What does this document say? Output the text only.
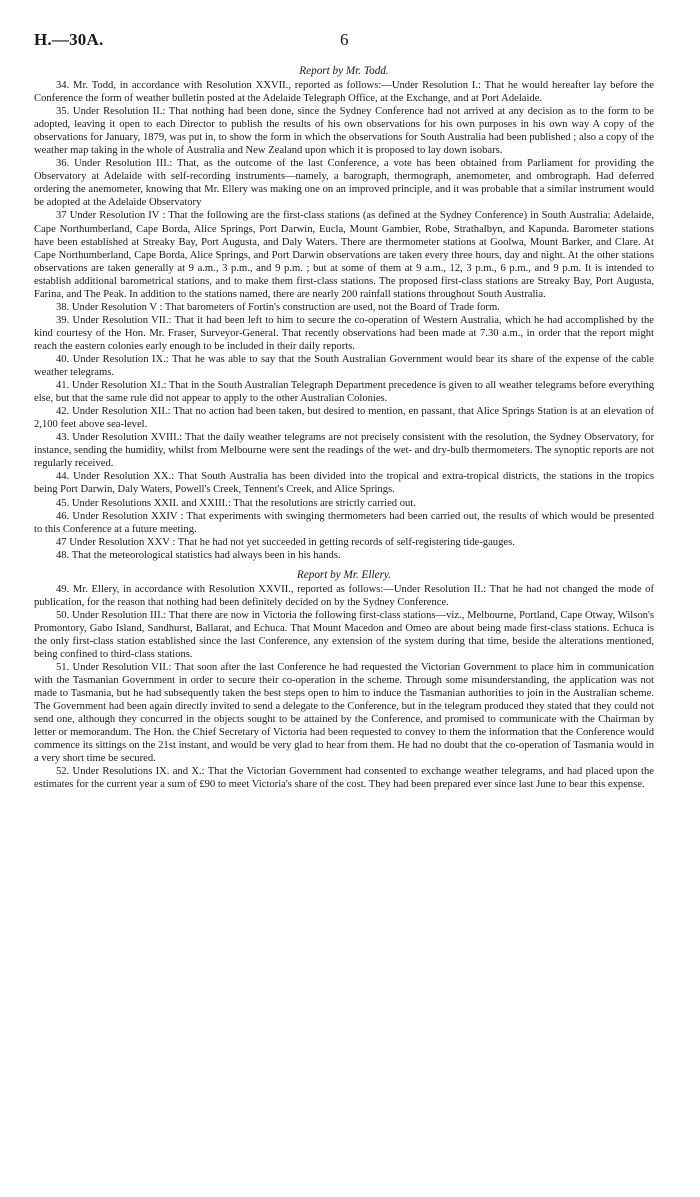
H.—30A.	6
Report by Mr. Todd.

34. Mr. Todd, in accordance with Resolution XXVII., reported as follows:—Under Resolution I.: That he would hereafter lay before the Conference the form of weather bulletin posted at the Adelaide Telegraph Office, at the Exchange, and at Port Adelaide.

35. Under Resolution II.: That nothing had been done, since the Sydney Conference had not arrived at any decision as to the form to be adopted, leaving it open to each Director to publish the results of his own observations for his own purposes in his own way A copy of the observations for January, 1879, was put in, to show the form in which the observations for South Australia had been published ; also a copy of the weather map taking in the whole of Australia and New Zealand upon which it is proposed to lay down isobars.

36. Under Resolution III.: That, as the outcome of the last Conference, a vote has been obtained from Parliament for providing the Observatory at Adelaide with self-recording instruments—namely, a barograph, thermograph, anemometer, and ombrograph. Had deferred ordering the anemometer, knowing that Mr. Ellery was making one on an improved principle, and it was probable that a similar instrument would be adopted at the Adelaide Observatory

37 Under Resolution IV : That the following are the first-class stations (as defined at the Sydney Conference) in South Australia: Adelaide, Cape Northumberland, Cape Borda, Alice Springs, Port Darwin, Eucla, Mount Gambier, Robe, Strathalbyn, and Kapunda. Barometer stations have been established at Streaky Bay, Port Augusta, and Daly Waters. There are thermometer stations at Goolwa, Mount Barker, and Clare. At Cape Northumberland, Cape Borda, Alice Springs, and Port Darwin observations are taken every three hours, day and night. At the other stations observations are taken generally at 9 a.m., 3 p.m., and 9 p.m. ; but at some of them at 9 a.m., 12, 3 p.m., 6 p.m., and 9 p.m. It is intended to establish additional barometrical stations, and to make them first-class stations. The proposed first-class stations are Streaky Bay, Port Augusta, Farina, and The Peak. In addition to the stations named, there are nearly 200 rainfall stations throughout South Australia.

38. Under Resolution V : That barometers of Fortin's construction are used, not the Board of Trade form.

39. Under Resolution VII.: That it had been left to him to secure the co-operation of Western Australia, which he had accomplished by the kind courtesy of the Hon. Mr. Fraser, Surveyor-General. That recently observations had been made at 7.30 a.m., in order that the report might reach the eastern colonies early enough to be included in their daily reports.

40. Under Resolution IX.: That he was able to say that the South Australian Government would bear its share of the expense of the cable weather telegrams.

41. Under Resolution XI.: That in the South Australian Telegraph Department precedence is given to all weather telegrams before everything else, but that the same rule did not appear to apply to the other Australian Colonies.

42. Under Resolution XII.: That no action had been taken, but desired to mention, en passant, that Alice Springs Station is at an elevation of 2,100 feet above sea-level.

43. Under Resolution XVIII.: That the daily weather telegrams are not precisely consistent with the resolution, the Sydney Observatory, for instance, sending the humidity, whilst from Melbourne were sent the readings of the wet- and dry-bulb thermometers. The synoptic reports are not regularly received.

44. Under Resolution XX.: That South Australia has been divided into the tropical and extra-tropical districts, the stations in the tropics being Port Darwin, Daly Waters, Powell's Creek, Tennent's Creek, and Alice Springs.

45. Under Resolutions XXII. and XXIII.: That the resolutions are strictly carried out.

46. Under Resolution XXIV : That experiments with swinging thermometers had been carried out, the results of which would be presented to this Conference at a future meeting.

47 Under Resolution XXV : That he had not yet succeeded in getting records of self-registering tide-gauges.

48. That the meteorological statistics had always been in his hands.

Report by Mr. Ellery.

49. Mr. Ellery, in accordance with Resolution XXVII., reported as follows:—Under Resolution II.: That he had not changed the mode of publication, for the reason that nothing had been definitely decided on by the Sydney Conference.

50. Under Resolution III.: That there are now in Victoria the following first-class stations—viz., Melbourne, Portland, Cape Otway, Wilson's Promontory, Gabo Island, Sandhurst, Ballarat, and Echuca. That Mount Macedon and Omeo are about being made first-class stations. Echuca is the only first-class station established since the last Conference, any extension of the system during that time, beside the alterations mentioned, being confined to third-class stations.

51. Under Resolution VII.: That soon after the last Conference he had requested the Victorian Government to place him in communication with the Tasmanian Government in order to secure their co-operation in the scheme. Through some misunderstanding, the application was not made to Tasmania, but he had subsequently taken the best steps open to him to induce the Tasmanian authorities to join in the Australian scheme. The Government had been again directly invited to send a delegate to the Conference, but in the telegram produced they stated that they could not send one, although they concurred in the objects sought to be attained by the Conference, and promised to communicate with the Chairman by letter or memorandum. The Hon. the Chief Secretary of Victoria had been requested to convey to them the information that the Conference would commence its sittings on the 21st instant, and would be very glad to hear from them. He had no doubt that the co-operation of Tasmania would in a very short time be secured.

52. Under Resolutions IX. and X.: That the Victorian Government had consented to exchange weather telegrams, and had placed upon the estimates for the current year a sum of £90 to meet Victoria's share of the cost. They had been prepared ever since last June to bear this expense.
